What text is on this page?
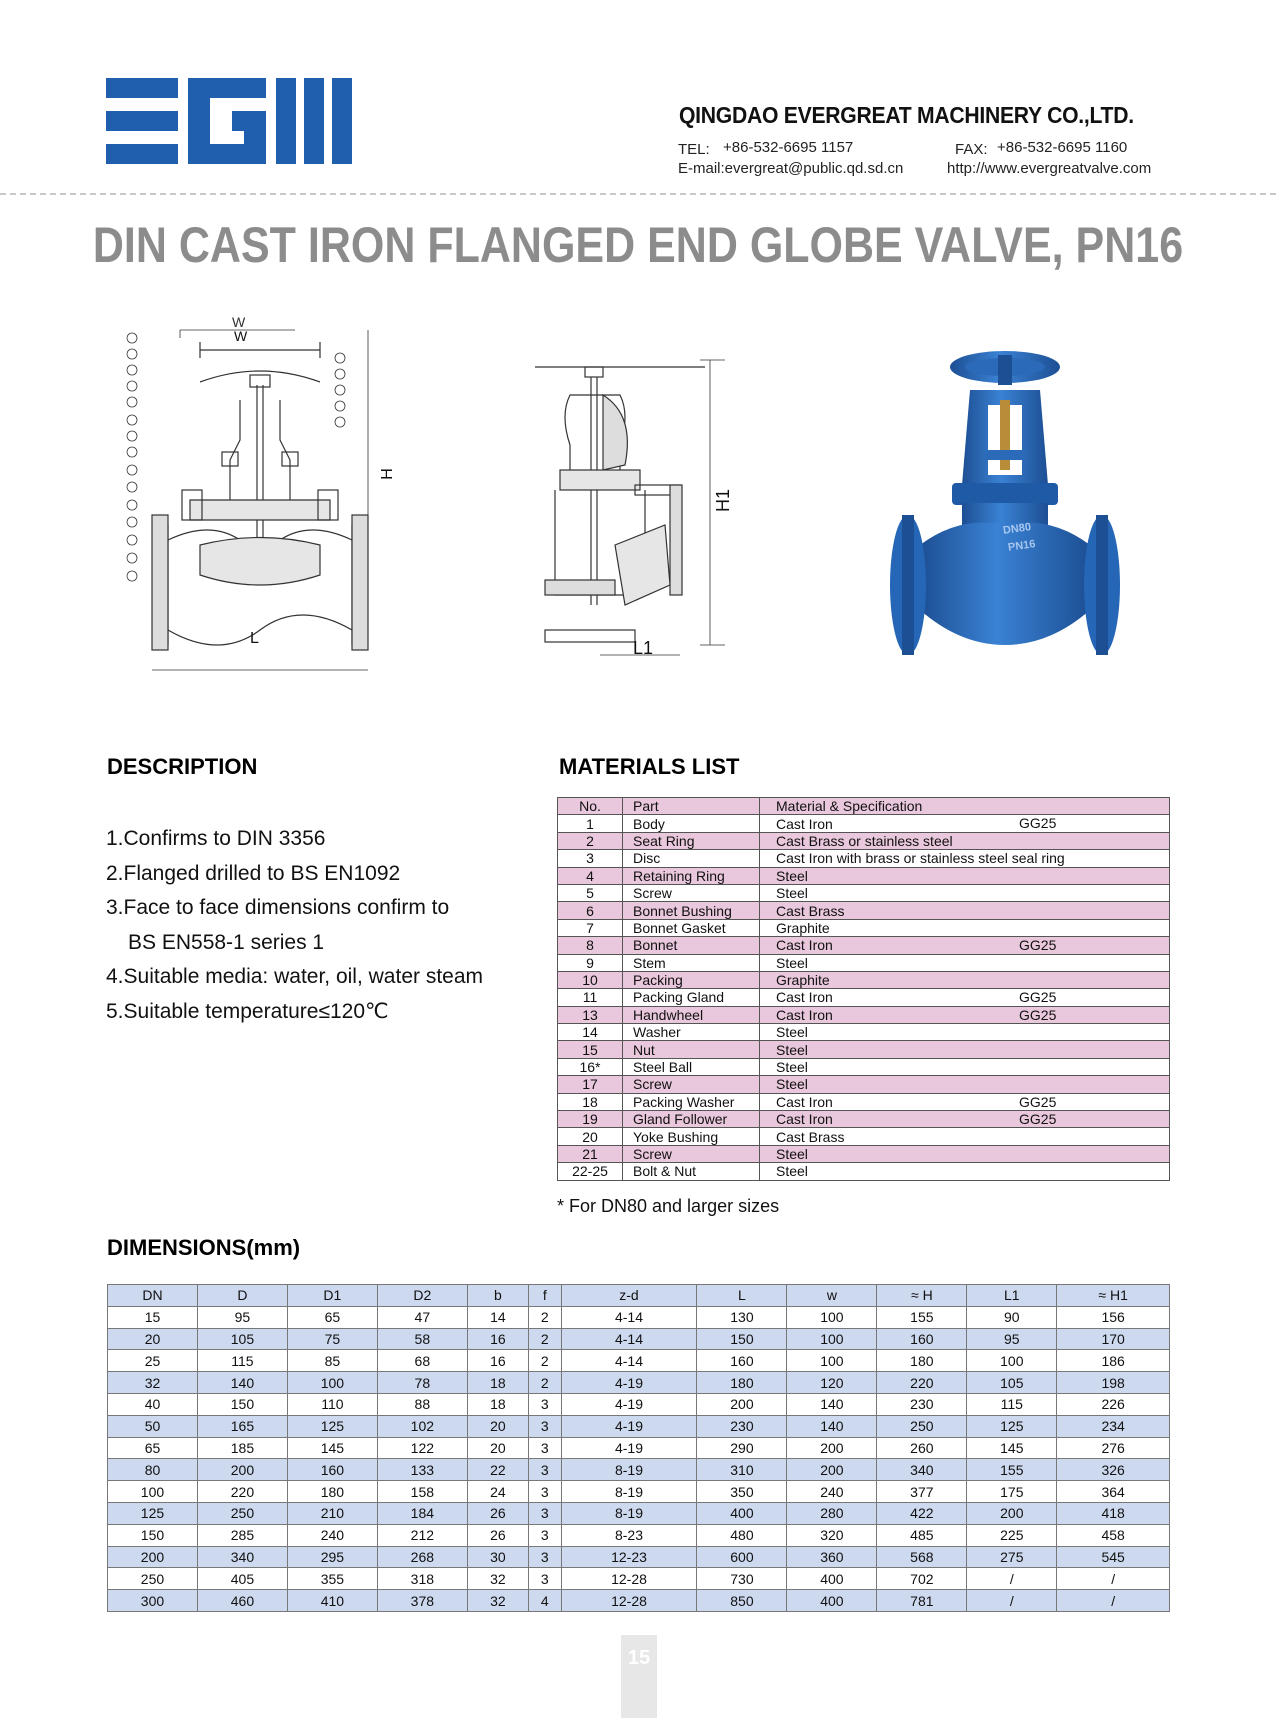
QINGDAO EVERGREAT MACHINERY CO.,LTD.
TEL: +86-532-6695 1157	FAX: +86-532-6695 1160
E-mail:evergreat@public.qd.sd.cn	http://www.evergreatvalve.com
DIN CAST IRON FLANGED END GLOBE VALVE, PN16
W
W
H
L
H1
L1
DN80
PN16
DESCRIPTION	MATERIALS LIST
DIMENSIONS(mm)
1.Confirms to DIN 3356
2.Flanged drilled to BS EN1092
3.Face to face dimensions confirm to
BS EN558-1 series 1
4.Suitable media: water, oil, water steam
5.Suitable temperature≤120℃
No.	Part	Material & Specification
1	Body	Cast Iron GG25

2	Seat Ring	Cast Brass or stainless steel

3	Disc	Cast Iron with brass or stainless steel seal ring

4	Retaining Ring	Steel

5	Screw	Steel

6	Bonnet Bushing	Cast Brass

7	Bonnet Gasket	Graphite

8	Bonnet	Cast Iron GG25

9	Stem	Steel

10	Packing	Graphite

11	Packing Gland	Cast Iron GG25

13	Handwheel	Cast Iron GG25

14	Washer	Steel

15	Nut	Steel

16*	Steel Ball	Steel

17	Screw	Steel

18	Packing Washer	Cast Iron GG25

19	Gland Follower	Cast Iron GG25

20	Yoke Bushing	Cast Brass

21	Screw	Steel

22-25	Bolt & Nut	Steel
* For DN80 and larger sizes
DN	D	D1	D2	b	f	z-d	L	w	≈ H	L1	≈ H1
15	95	65	47	14	2	4-14	130	100	155	90	156
20	105	75	58	16	2	4-14	150	100	160	95	170
25	115	85	68	16	2	4-14	160	100	180	100	186
32	140	100	78	18	2	4-19	180	120	220	105	198
40	150	110	88	18	3	4-19	200	140	230	115	226
50	165	125	102	20	3	4-19	230	140	250	125	234
65	185	145	122	20	3	4-19	290	200	260	145	276
80	200	160	133	22	3	8-19	310	200	340	155	326
100	220	180	158	24	3	8-19	350	240	377	175	364
125	250	210	184	26	3	8-19	400	280	422	200	418
150	285	240	212	26	3	8-23	480	320	485	225	458
200	340	295	268	30	3	12-23	600	360	568	275	545
250	405	355	318	32	3	12-28	730	400	702	/	/
300	460	410	378	32	4	12-28	850	400	781	/	/
15
